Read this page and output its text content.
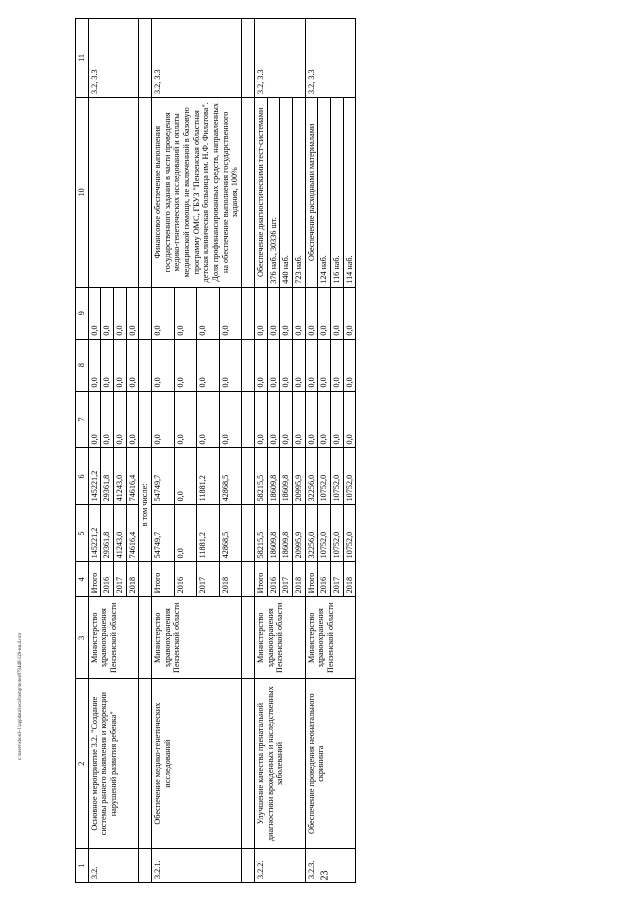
23
c:\users\sbord~1\appdata\local\temp\notes879446\129-ии.d.ocx
1	2	3	4	5	6	7	8	9	10	11
3.2.	Основное мероприятие 3.2. "Создание системы раннего выявления и коррекции нарушений развития ребенка"	Министерство здравоохранения Пензенской области	Итого	145221,2	145221,2	0,0	0,0	0,0		3.2, 3.3
			2016	29361,8	29361,8	0,0	0,0	0,0		
			2017	41243,0	41243,0	0,0	0,0	0,0		
			2018	74616,4	74616,4	0,0	0,0	0,0		
				в том числе:						
3.2.1.	Обеспечение медико-генетических исследований	Министерство здравоохранения Пензенской области	Итого	54749,7	54749,7	0,0	0,0	0,0	Финансовое обеспечение выполнения государственного задания в части проведения медико-генетических исследований и оплаты медицинской помощи, не включенной в базовую программу ОМС, ГБУЗ "Пензенская областная детская клиническая больница им. Н.Ф. Филатова". Доля профинансированных средств, направленных на обеспечение выполнения государственного задания, 100%	3.2, 3.3
			2016	0,0	0,0	0,0	0,0	0,0		
			2017	11881,2	11881,2	0,0	0,0	0,0		
			2018	42868,5	42868,5	0,0	0,0	0,0		

3.2.2.	Улучшение качества пренатальной диагностики врожденных и наследственных заболеваний	Министерство здравоохранения Пензенской области	Итого	58215,5	58215,5	0,0	0,0	0,0	Обеспечение диагностическими тест-системами	3.2, 3.3
			2016	18609,8	18609,8	0,0	0,0	0,0	376 наб., 30336 шт.	
			2017	18609,8	18609,8	0,0	0,0	0,0	440 наб.	
			2018	20995,9	20995,9	0,0	0,0	0,0	723 наб.	
3.2.3.	Обеспечение проведения неонатального скрининга	Министерство здравоохранения Пензенской области	Итого	32256,0	32256,0	0,0	0,0	0,0	Обеспечение расходными материалами	3.2, 3.3
			2016	10752,0	10752,0	0,0	0,0	0,0	124 наб.	
			2017	10752,0	10752,0	0,0	0,0	0,0	116 наб.	
			2018	10752,0	10752,0	0,0	0,0	0,0	114 наб.	
